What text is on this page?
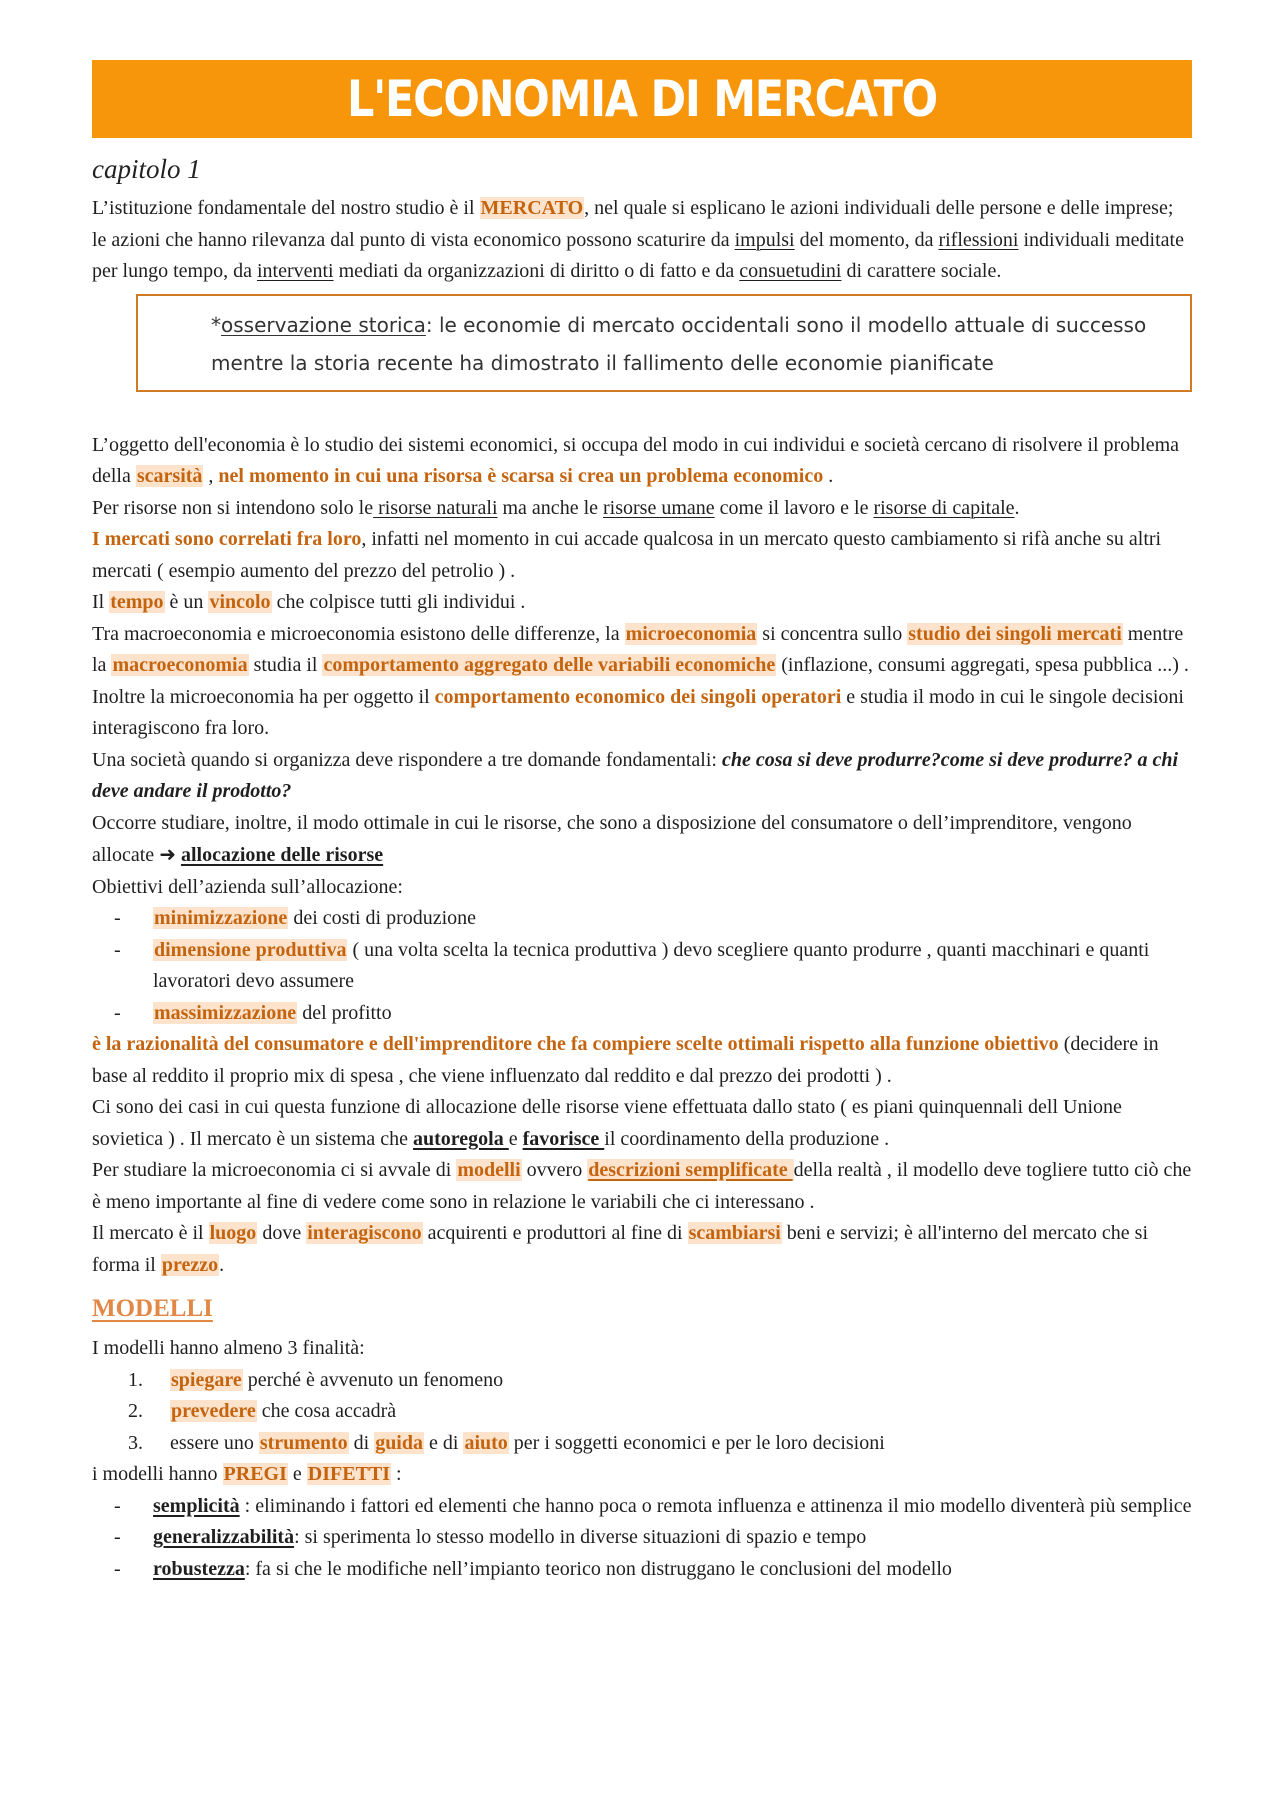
L'ECONOMIA DI MERCATO
capitolo 1

L’istituzione fondamentale del nostro studio è il MERCATO, nel quale si esplicano le azioni individuali delle persone e delle imprese; le azioni che hanno rilevanza dal punto di vista economico possono scaturire da impulsi del momento, da riflessioni individuali meditate per lungo tempo, da interventi mediati da organizzazioni di diritto o di fatto e da consuetudini di carattere sociale.

*osservazione storica: le economie di mercato occidentali sono il modello attuale di successo mentre la storia recente ha dimostrato il fallimento delle economie pianificate

L’oggetto dell'economia è lo studio dei sistemi economici, si occupa del modo in cui individui e società cercano di risolvere il problema della scarsità , nel momento in cui una risorsa è scarsa si crea un problema economico .

Per risorse non si intendono solo le risorse naturali ma anche le risorse umane come il lavoro e le risorse di capitale.

I mercati sono correlati fra loro, infatti nel momento in cui accade qualcosa in un mercato questo cambiamento si rifà anche su altri mercati ( esempio aumento del prezzo del petrolio ) .

Il tempo è un vincolo che colpisce tutti gli individui .

Tra macroeconomia e microeconomia esistono delle differenze, la microeconomia si concentra sullo studio dei singoli mercati mentre la macroeconomia studia il comportamento aggregato delle variabili economiche (inflazione, consumi aggregati, spesa pubblica ...) . Inoltre la microeconomia ha per oggetto il comportamento economico dei singoli operatori e studia il modo in cui le singole decisioni interagiscono fra loro.

Una società quando si organizza deve rispondere a tre domande fondamentali: che cosa si deve produrre?come si deve produrre? a chi deve andare il prodotto?

Occorre studiare, inoltre, il modo ottimale in cui le risorse, che sono a disposizione del consumatore o dell’imprenditore, vengono allocate ➜ allocazione delle risorse

Obiettivi dell’azienda sull’allocazione:

- minimizzazione dei costi di produzione
- dimensione produttiva ( una volta scelta la tecnica produttiva ) devo scegliere quanto produrre , quanti macchinari e quanti lavoratori devo assumere
- massimizzazione del profitto

è la razionalità del consumatore e dell'imprenditore che fa compiere scelte ottimali rispetto alla funzione obiettivo (decidere in base al reddito il proprio mix di spesa , che viene influenzato dal reddito e dal prezzo dei prodotti ) .

Ci sono dei casi in cui questa funzione di allocazione delle risorse viene effettuata dallo stato ( es piani quinquennali dell Unione sovietica ) . Il mercato è un sistema che autoregola e favorisce il coordinamento della produzione .

Per studiare la microeconomia ci si avvale di modelli ovvero descrizioni semplificate della realtà , il modello deve togliere tutto ciò che è meno importante al fine di vedere come sono in relazione le variabili che ci interessano .

Il mercato è il luogo dove interagiscono acquirenti e produttori al fine di scambiarsi beni e servizi; è all'interno del mercato che si forma il prezzo.

MODELLI

I modelli hanno almeno 3 finalità:

1. spiegare perché è avvenuto un fenomeno
2. prevedere che cosa accadrà
3. essere uno strumento di guida e di aiuto per i soggetti economici e per le loro decisioni

i modelli hanno PREGI e DIFETTI :

- semplicità : eliminando i fattori ed elementi che hanno poca o remota influenza e attinenza il mio modello diventerà più semplice
- generalizzabilità: si sperimenta lo stesso modello in diverse situazioni di spazio e tempo
- robustezza: fa si che le modifiche nell’impianto teorico non distruggano le conclusioni del modello
